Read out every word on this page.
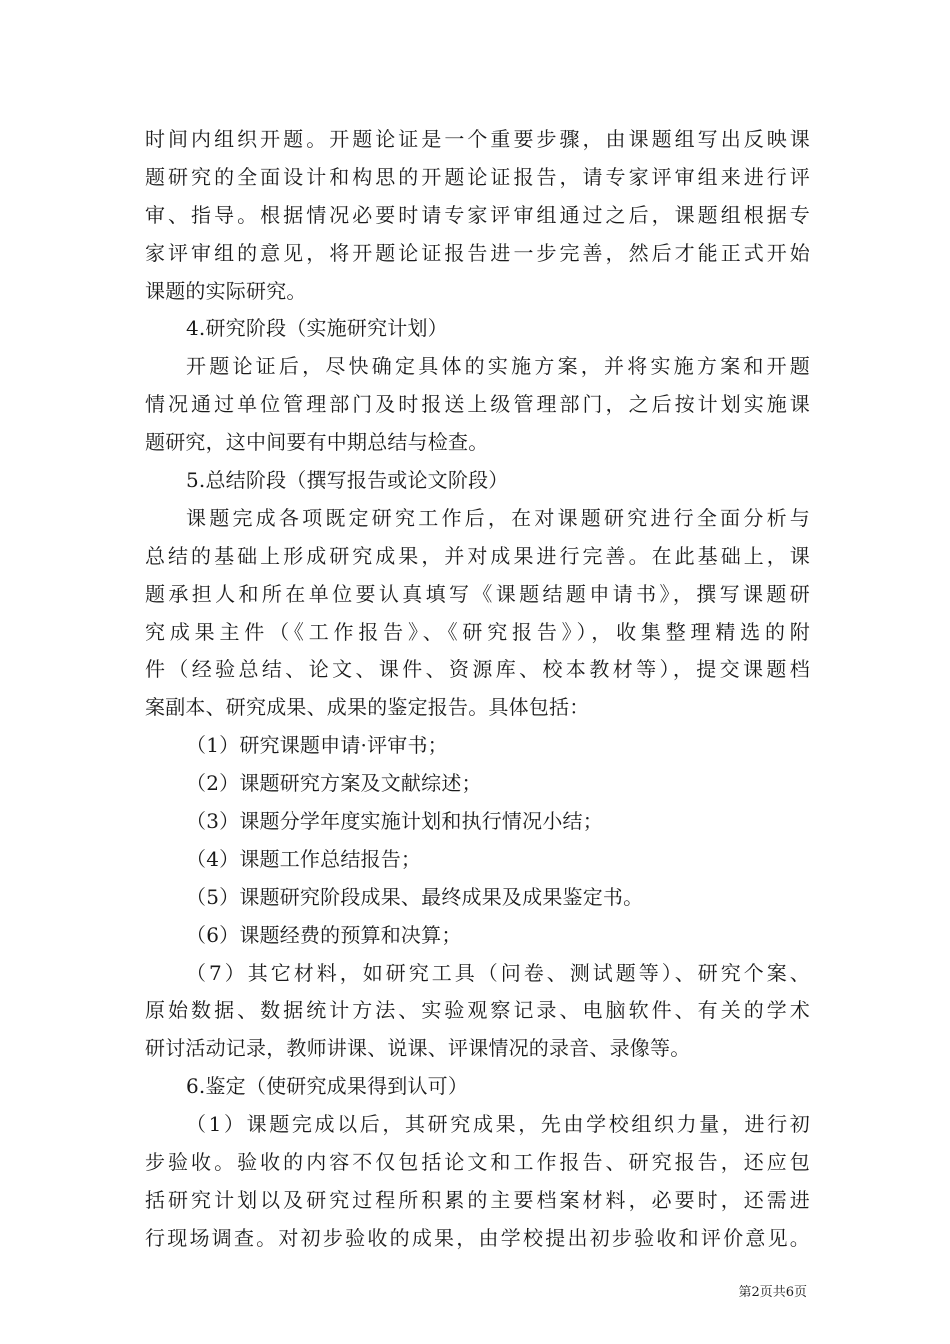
时间内组织开题。开题论证是一个重要步骤，由课题组写出反映课
题研究的全面设计和构思的开题论证报告，请专家评审组来进行评
审、指导。根据情况必要时请专家评审组通过之后，课题组根据专
家评审组的意见，将开题论证报告进一步完善，然后才能正式开始
课题的实际研究。
4.研究阶段（实施研究计划）
开题论证后，尽快确定具体的实施方案，并将实施方案和开题
情况通过单位管理部门及时报送上级管理部门，之后按计划实施课
题研究，这中间要有中期总结与检查。
5.总结阶段（撰写报告或论文阶段）
课题完成各项既定研究工作后，在对课题研究进行全面分析与
总结的基础上形成研究成果，并对成果进行完善。在此基础上，课
题承担人和所在单位要认真填写《课题结题申请书》，撰写课题研
究成果主件（《工作报告》、《研究报告》），收集整理精选的附
件（经验总结、论文、课件、资源库、校本教材等），提交课题档
案副本、研究成果、成果的鉴定报告。具体包括：
（1）研究课题申请·评审书；
（2）课题研究方案及文献综述；
（3）课题分学年度实施计划和执行情况小结；
（4）课题工作总结报告；
（5）课题研究阶段成果、最终成果及成果鉴定书。
（6）课题经费的预算和决算；
（7）其它材料，如研究工具（问卷、测试题等）、研究个案、
原始数据、数据统计方法、实验观察记录、电脑软件、有关的学术
研讨活动记录，教师讲课、说课、评课情况的录音、录像等。
6.鉴定（使研究成果得到认可）
（1）课题完成以后，其研究成果，先由学校组织力量，进行初
步验收。验收的内容不仅包括论文和工作报告、研究报告，还应包
括研究计划以及研究过程所积累的主要档案材料，必要时，还需进
行现场调查。对初步验收的成果，由学校提出初步验收和评价意见。
第2页共6页
